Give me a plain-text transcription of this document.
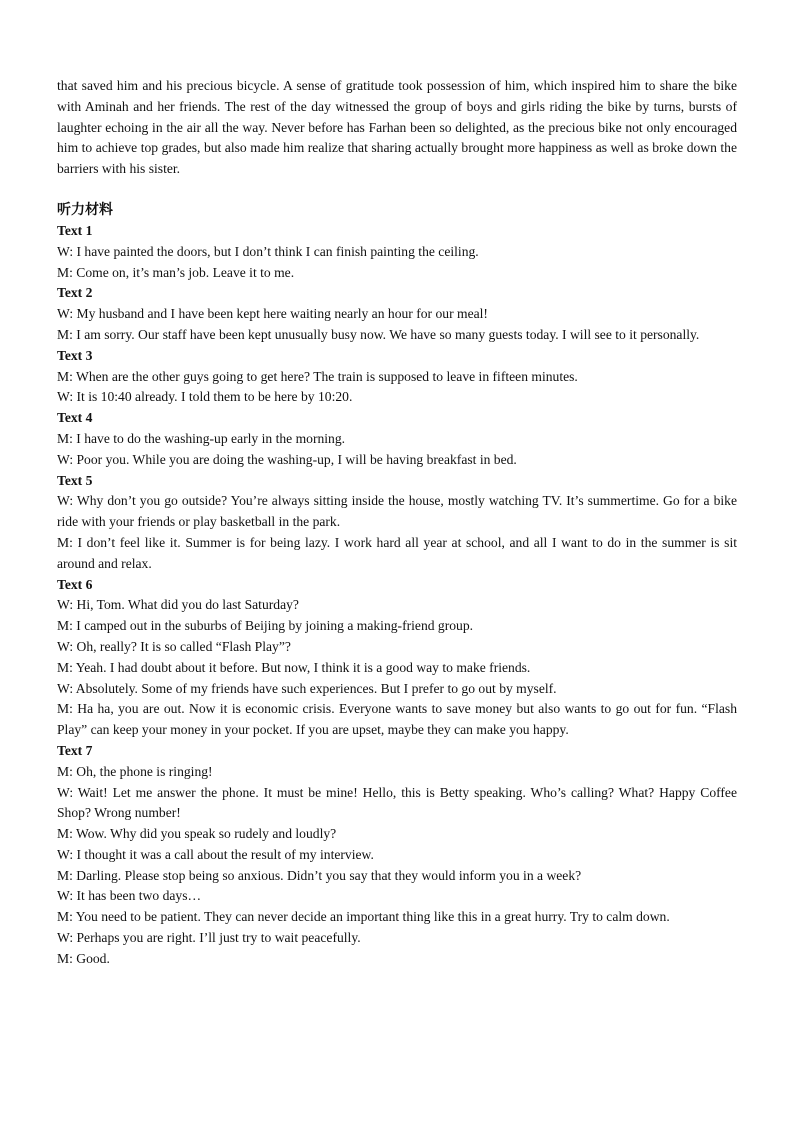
that saved him and his precious bicycle. A sense of gratitude took possession of him, which inspired him to share the bike with Aminah and her friends. The rest of the day witnessed the group of boys and girls riding the bike by turns, bursts of laughter echoing in the air all the way. Never before has Farhan been so delighted, as the precious bike not only encouraged him to achieve top grades, but also made him realize that sharing actually brought more happiness as well as broke down the barriers with his sister.

听力材料

Text 1

W: I have painted the doors, but I don’t think I can finish painting the ceiling.

M: Come on, it’s man’s job. Leave it to me.

Text 2

W: My husband and I have been kept here waiting nearly an hour for our meal!

M: I am sorry. Our staff have been kept unusually busy now. We have so many guests today. I will see to it personally.

Text 3

M: When are the other guys going to get here? The train is supposed to leave in fifteen minutes.

W: It is 10:40 already. I told them to be here by 10:20.

Text 4

M: I have to do the washing-up early in the morning.

W: Poor you. While you are doing the washing-up, I will be having breakfast in bed.

Text 5

W: Why don’t you go outside? You’re always sitting inside the house, mostly watching TV. It’s summertime. Go for a bike ride with your friends or play basketball in the park.

M: I don’t feel like it. Summer is for being lazy. I work hard all year at school, and all I want to do in the summer is sit around and relax.

Text 6

W: Hi, Tom. What did you do last Saturday?

M: I camped out in the suburbs of Beijing by joining a making-friend group.

W: Oh, really? It is so called “Flash Play”?

M: Yeah. I had doubt about it before. But now, I think it is a good way to make friends.

W: Absolutely. Some of my friends have such experiences. But I prefer to go out by myself.

M: Ha ha, you are out. Now it is economic crisis. Everyone wants to save money but also wants to go out for fun. “Flash Play” can keep your money in your pocket. If you are upset, maybe they can make you happy.

Text 7

M: Oh, the phone is ringing!

W: Wait! Let me answer the phone. It must be mine! Hello, this is Betty speaking. Who’s calling? What? Happy Coffee Shop? Wrong number!

M: Wow. Why did you speak so rudely and loudly?

W: I thought it was a call about the result of my interview.

M: Darling. Please stop being so anxious. Didn’t you say that they would inform you in a week?

W: It has been two days…

M: You need to be patient. They can never decide an important thing like this in a great hurry. Try to calm down.

W: Perhaps you are right. I’ll just try to wait peacefully.

M: Good.
